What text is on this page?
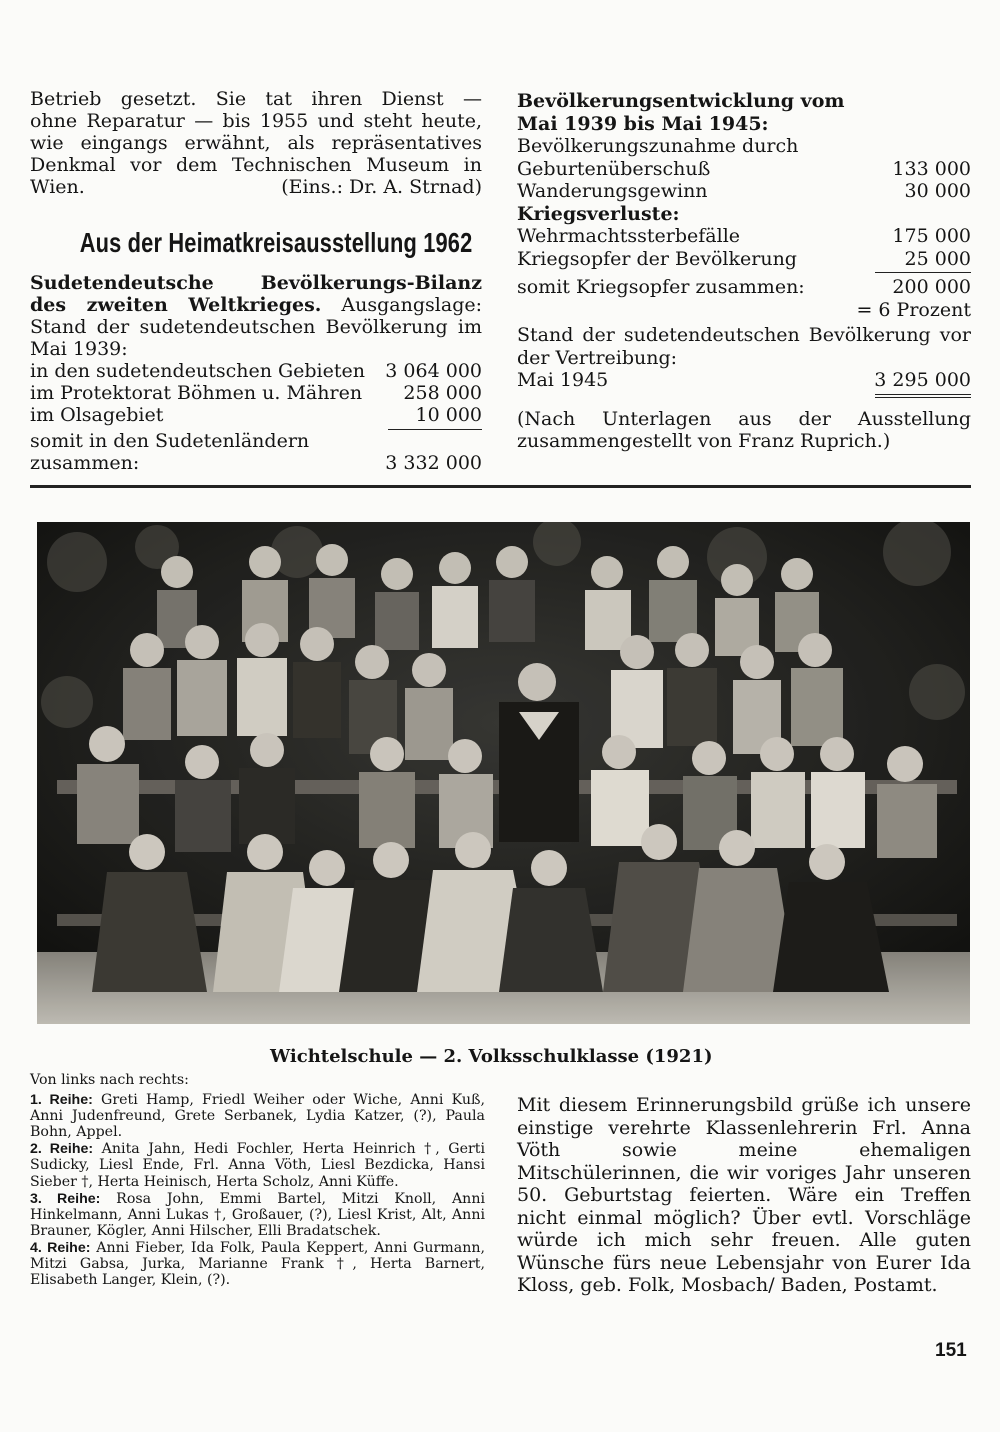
Betrieb gesetzt. Sie tat ihren Dienst —
ohne Reparatur — bis 1955 und steht heute,
wie eingangs erwähnt, als repräsentatives
Denkmal vor dem Technischen Museum in
Wien.	(Eins.: Dr. A. Strnad)
Aus der Heimatkreisausstellung 1962

Sudetendeutsche Bevölkerungs-Bilanz des zweiten Weltkrieges. Ausgangslage: Stand der sudetendeutschen Bevölkerung im Mai 1939:

in den sudetendeutschen Gebieten 3 064 000
im Protektorat Böhmen u. Mähren 258 000
im Olsagebiet	10 000
somit in den Sudetenländern
zusammen:	3 332 000
Bevölkerungsentwicklung vom
Mai 1939 bis Mai 1945:
Bevölkerungszunahme durch
Geburtenüberschuß	133 000
Wanderungsgewinn	30 000
Kriegsverluste:
Wehrmachtssterbefälle	175 000
Kriegsopfer der Bevölkerung	25 000
somit Kriegsopfer zusammen:	200 000
= 6 Prozent

Stand der sudetendeutschen Bevölkerung vor der Vertreibung:

Mai 1945	3 295 000

(Nach Unterlagen aus der Ausstellung zusammengestellt von Franz Ruprich.)

Wichtelschule — 2. Volksschulklasse (1921)

Von links nach rechts:

1. Reihe: Greti Hamp, Friedl Weiher oder Wiche, Anni Kuß, Anni Judenfreund, Grete Serbanek, Lydia Katzer, (?), Paula Bohn, Appel.

2. Reihe: Anita Jahn, Hedi Fochler, Herta Heinrich †, Gerti Sudicky, Liesl Ende, Frl. Anna Vöth, Liesl Bezdicka, Hansi Sieber †, Herta Heinisch, Herta Scholz, Anni Küffe.

3. Reihe: Rosa John, Emmi Bartel, Mitzi Knoll, Anni Hinkelmann, Anni Lukas †, Großauer, (?), Liesl Krist, Alt, Anni Brauner, Kögler, Anni Hilscher, Elli Bradatschek.

4. Reihe: Anni Fieber, Ida Folk, Paula Keppert, Anni Gurmann, Mitzi Gabsa, Jurka, Marianne Frank †, Herta Barnert, Elisabeth Langer, Klein, (?).

Mit diesem Erinnerungsbild grüße ich unsere einstige verehrte Klassenlehrerin Frl. Anna Vöth sowie meine ehemaligen Mitschülerinnen, die wir voriges Jahr unseren 50. Geburtstag feierten. Wäre ein Treffen nicht einmal möglich? Über evtl. Vorschläge würde ich mich sehr freuen. Alle guten Wünsche fürs neue Lebensjahr von Eurer Ida Kloss, geb. Folk, Mosbach/ Baden, Postamt.
151
